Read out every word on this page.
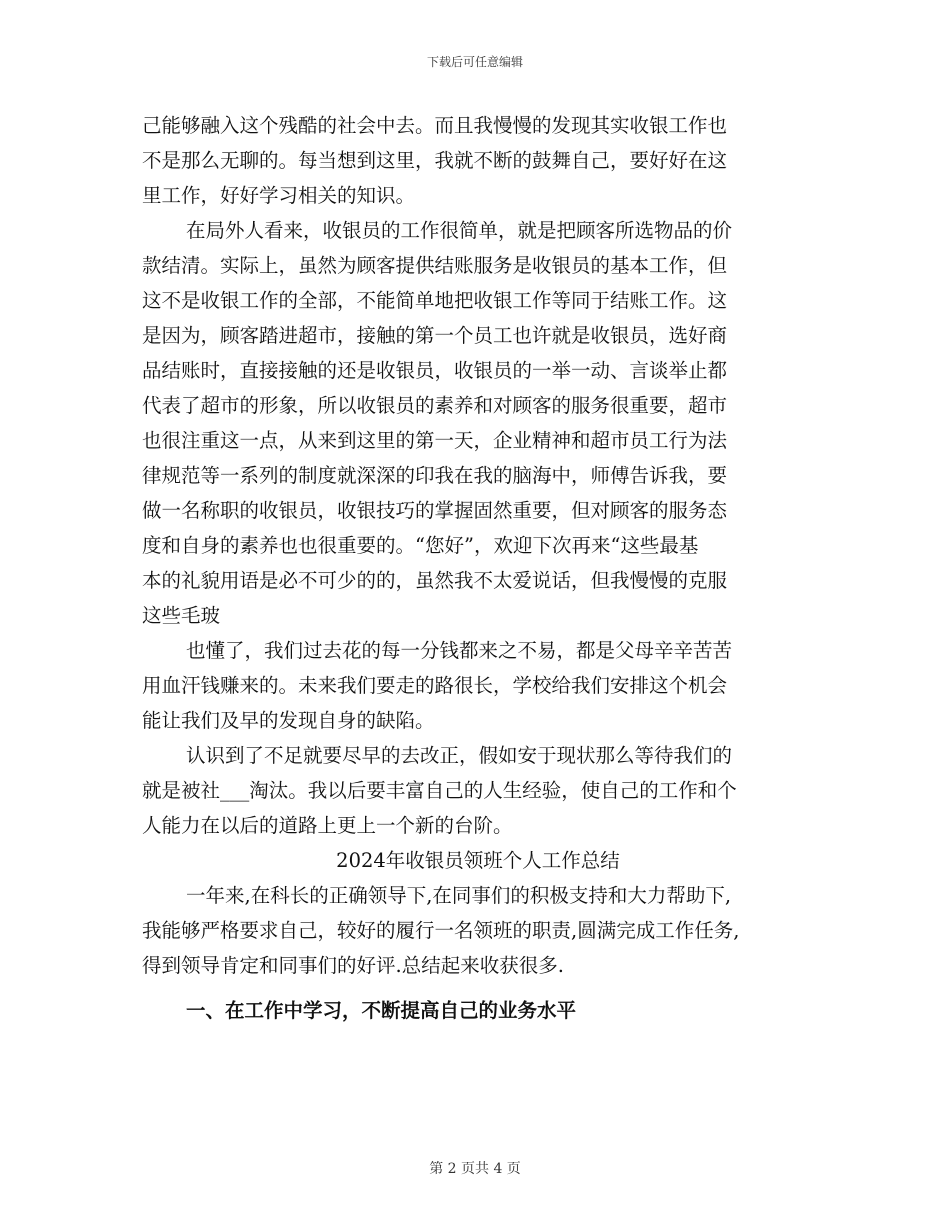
下载后可任意编辑
己能够融入这个残酷的社会中去。而且我慢慢的发现其实收银工作也
不是那么无聊的。每当想到这里，我就不断的鼓舞自己，要好好在这
里工作，好好学习相关的知识。
在局外人看来，收银员的工作很简单，就是把顾客所选物品的价
款结清。实际上，虽然为顾客提供结账服务是收银员的基本工作，但
这不是收银工作的全部，不能简单地把收银工作等同于结账工作。这
是因为，顾客踏进超市，接触的第一个员工也许就是收银员，选好商
品结账时，直接接触的还是收银员，收银员的一举一动、言谈举止都
代表了超市的形象，所以收银员的素养和对顾客的服务很重要，超市
也很注重这一点，从来到这里的第一天，企业精神和超市员工行为法
律规范等一系列的制度就深深的印我在我的脑海中，师傅告诉我，要
做一名称职的收银员，收银技巧的掌握固然重要，但对顾客的服务态
度和自身的素养也也很重要的。“您好”，欢迎下次再来“这些最基
本的礼貌用语是必不可少的的，虽然我不太爱说话，但我慢慢的克服
这些毛玻
也懂了，我们过去花的每一分钱都来之不易，都是父母辛辛苦苦
用血汗钱赚来的。未来我们要走的路很长，学校给我们安排这个机会
能让我们及早的发现自身的缺陷。
认识到了不足就要尽早的去改正，假如安于现状那么等待我们的
就是被社___淘汰。我以后要丰富自己的人生经验，使自己的工作和个
人能力在以后的道路上更上一个新的台阶。
2024年收银员领班个人工作总结
一年来,在科长的正确领导下,在同事们的积极支持和大力帮助下,
我能够严格要求自己，较好的履行一名领班的职责,圆满完成工作任务,
得到领导肯定和同事们的好评.总结起来收获很多.
一、在工作中学习，不断提高自己的业务水平
第 2 页共 4 页
